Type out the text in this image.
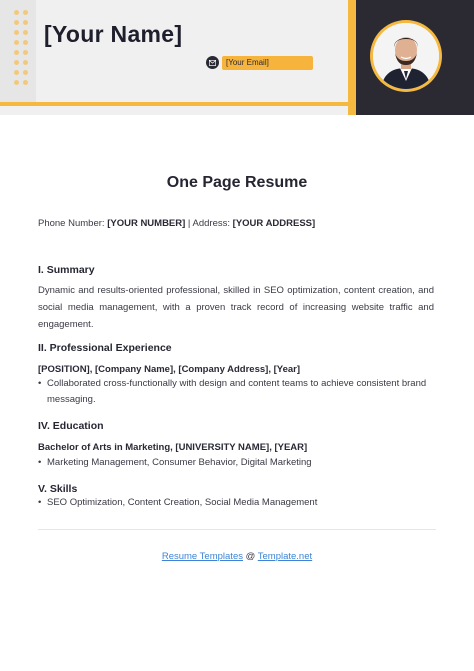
[Your Name]
[Your Email]
One Page Resume
Phone Number: [YOUR NUMBER] | Address: [YOUR ADDRESS]
I. Summary
Dynamic and results-oriented professional, skilled in SEO optimization, content creation, and social media management, with a proven track record of increasing website traffic and engagement.
II. Professional Experience
[POSITION], [Company Name], [Company Address], [Year]
• Collaborated cross-functionally with design and content teams to achieve consistent brand messaging.
IV. Education
Bachelor of Arts in Marketing, [UNIVERSITY NAME], [YEAR]
• Marketing Management, Consumer Behavior, Digital Marketing
V. Skills
• SEO Optimization, Content Creation, Social Media Management
Resume Templates @ Template.net
